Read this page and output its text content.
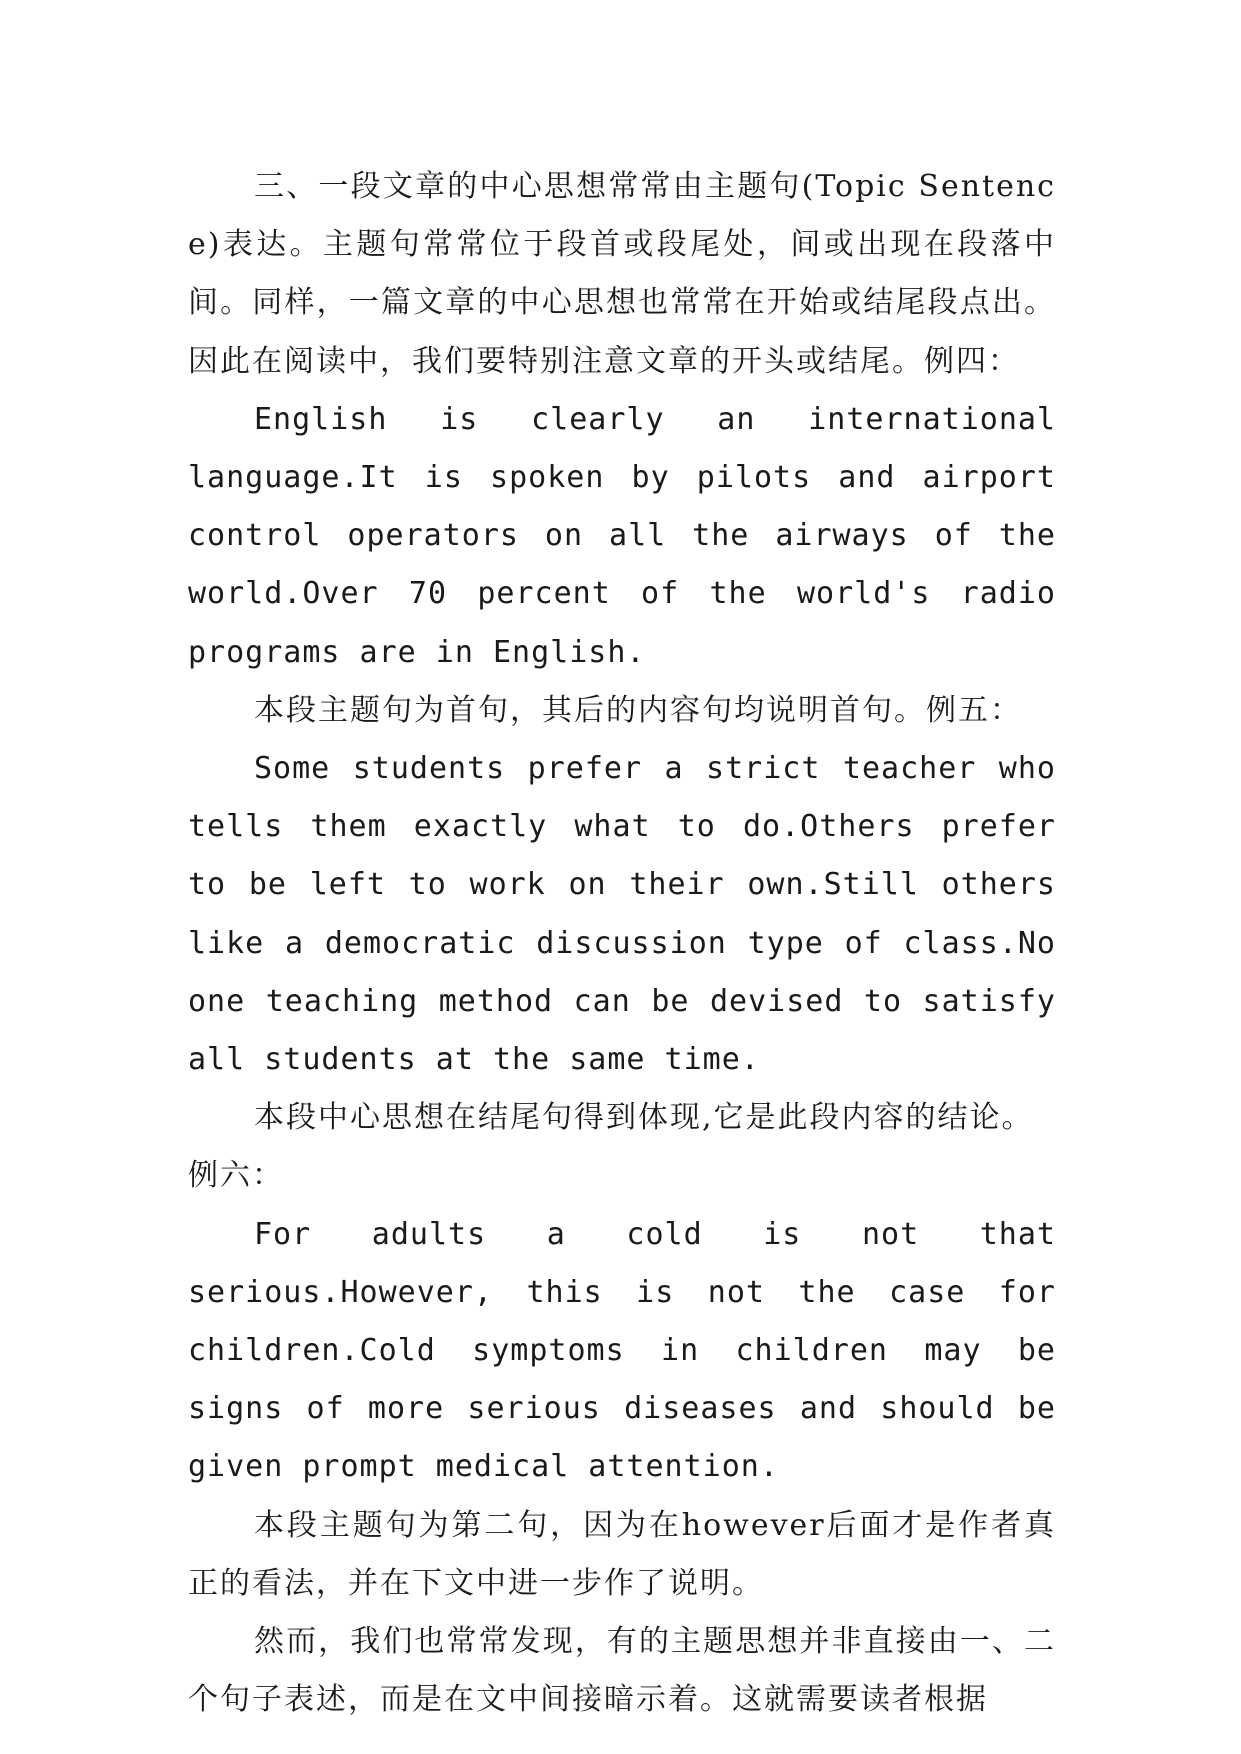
三、一段文章的中心思想常常由主题句(Topic Sentence)表达。主题句常常位于段首或段尾处，间或出现在段落中间。同样，一篇文章的中心思想也常常在开始或结尾段点出。因此在阅读中，我们要特别注意文章的开头或结尾。例四：

English is clearly an international language.It is spoken by pilots and airport control operators on all the airways of the world.Over 70 percent of the world's radio programs are in English.

本段主题句为首句，其后的内容句均说明首句。例五：

Some students prefer a strict teacher who tells them exactly what to do.Others prefer to be left to work on their own.Still others like a democratic discussion type of class.No one teaching method can be devised to satisfy all students at the same time.

本段中心思想在结尾句得到体现,它是此段内容的结论。

例六：

For adults a cold is not that serious.However, this is not the case for children.Cold symptoms in children may be signs of more serious diseases and should be given prompt medical attention.

本段主题句为第二句，因为在however后面才是作者真正的看法，并在下文中进一步作了说明。

然而，我们也常常发现，有的主题思想并非直接由一、二个句子表述，而是在文中间接暗示着。这就需要读者根据
